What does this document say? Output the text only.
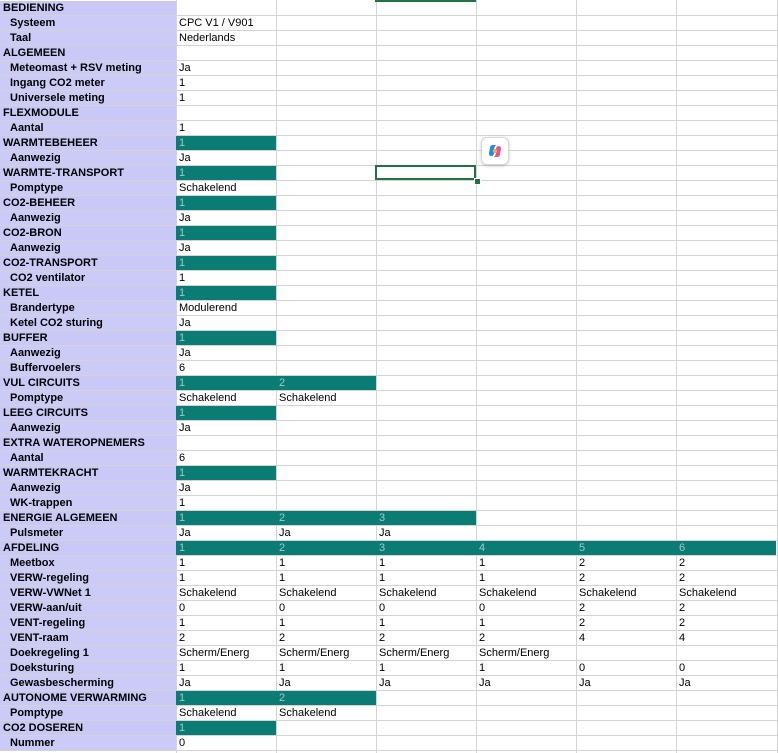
BEDIENING
Systeem	CPC V1 / V901
Taal	Nederlands
ALGEMEEN
Meteomast + RSV meting	Ja
Ingang CO2 meter	1
Universele meting	1
FLEXMODULE
Aantal	1
WARMTEBEHEER	1
Aanwezig	Ja
WARMTE-TRANSPORT	1
Pomptype	Schakelend
CO2-BEHEER	1
Aanwezig	Ja
CO2-BRON	1
Aanwezig	Ja
CO2-TRANSPORT	1
CO2 ventilator	1
KETEL	1
Brandertype	Modulerend
Ketel CO2 sturing	Ja
BUFFER	1
Aanwezig	Ja
Buffervoelers	6
VUL CIRCUITS	1	2
Pomptype	Schakelend	Schakelend
LEEG CIRCUITS	1
Aanwezig	Ja
EXTRA WATEROPNEMERS
Aantal	6
WARMTEKRACHT	1
Aanwezig	Ja
WK-trappen	1
ENERGIE ALGEMEEN	1	2	3
Pulsmeter	Ja	Ja	Ja
AFDELING	1	2	3	4	5	6
Meetbox	1	1	1	1	2	2
VERW-regeling	1	1	1	1	2	2
VERW-VWNet 1	Schakelend	Schakelend	Schakelend	Schakelend	Schakelend	Schakelend
VERW-aan/uit	0	0	0	0	2	2
VENT-regeling	1	1	1	1	2	2
VENT-raam	2	2	2	2	4	4
Doekregeling 1	Scherm/Energ	Scherm/Energ	Scherm/Energ	Scherm/Energ
Doeksturing	1	1	1	1	0	0
Gewasbescherming	Ja	Ja	Ja	Ja	Ja	Ja
AUTONOME VERWARMING	1	2
Pomptype	Schakelend	Schakelend
CO2 DOSEREN	1
Nummer	0
